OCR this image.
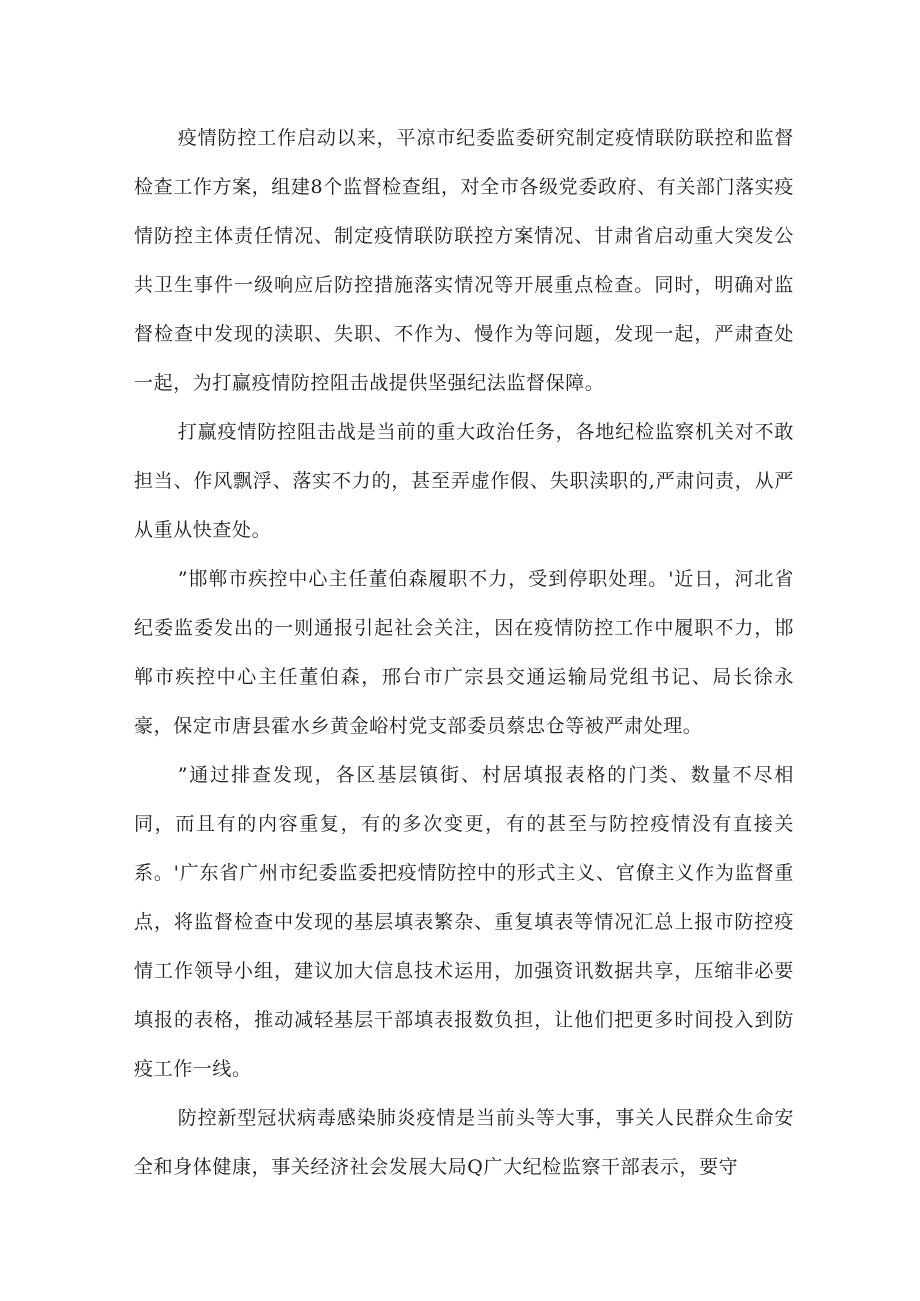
疫情防控工作启动以来，平凉市纪委监委研究制定疫情联防联控和监督检查工作方案，组建8个监督检查组，对全市各级党委政府、有关部门落实疫情防控主体责任情况、制定疫情联防联控方案情况、甘肃省启动重大突发公共卫生事件一级响应后防控措施落实情况等开展重点检查。同时，明确对监督检查中发现的渎职、失职、不作为、慢作为等问题，发现一起，严肃查处一起，为打赢疫情防控阻击战提供坚强纪法监督保障。

打赢疫情防控阻击战是当前的重大政治任务，各地纪检监察机关对不敢担当、作风飘浮、落实不力的，甚至弄虚作假、失职渎职的,严肃问责，从严从重从快查处。

”邯郸市疾控中心主任董伯森履职不力，受到停职处理。'近日，河北省纪委监委发出的一则通报引起社会关注，因在疫情防控工作中履职不力，邯郸市疾控中心主任董伯森，邢台市广宗县交通运输局党组书记、局长徐永豪，保定市唐县霍水乡黄金峪村党支部委员蔡忠仓等被严肃处理。

”通过排查发现，各区基层镇街、村居填报表格的门类、数量不尽相同，而且有的内容重复，有的多次变更，有的甚至与防控疫情没有直接关系。'广东省广州市纪委监委把疫情防控中的形式主义、官僚主义作为监督重点，将监督检查中发现的基层填表繁杂、重复填表等情况汇总上报市防控疫情工作领导小组，建议加大信息技术运用，加强资讯数据共享，压缩非必要填报的表格，推动减轻基层干部填表报数负担，让他们把更多时间投入到防疫工作一线。

防控新型冠状病毒感染肺炎疫情是当前头等大事，事关人民群众生命安全和身体健康，事关经济社会发展大局Q广大纪检监察干部表示，要守
